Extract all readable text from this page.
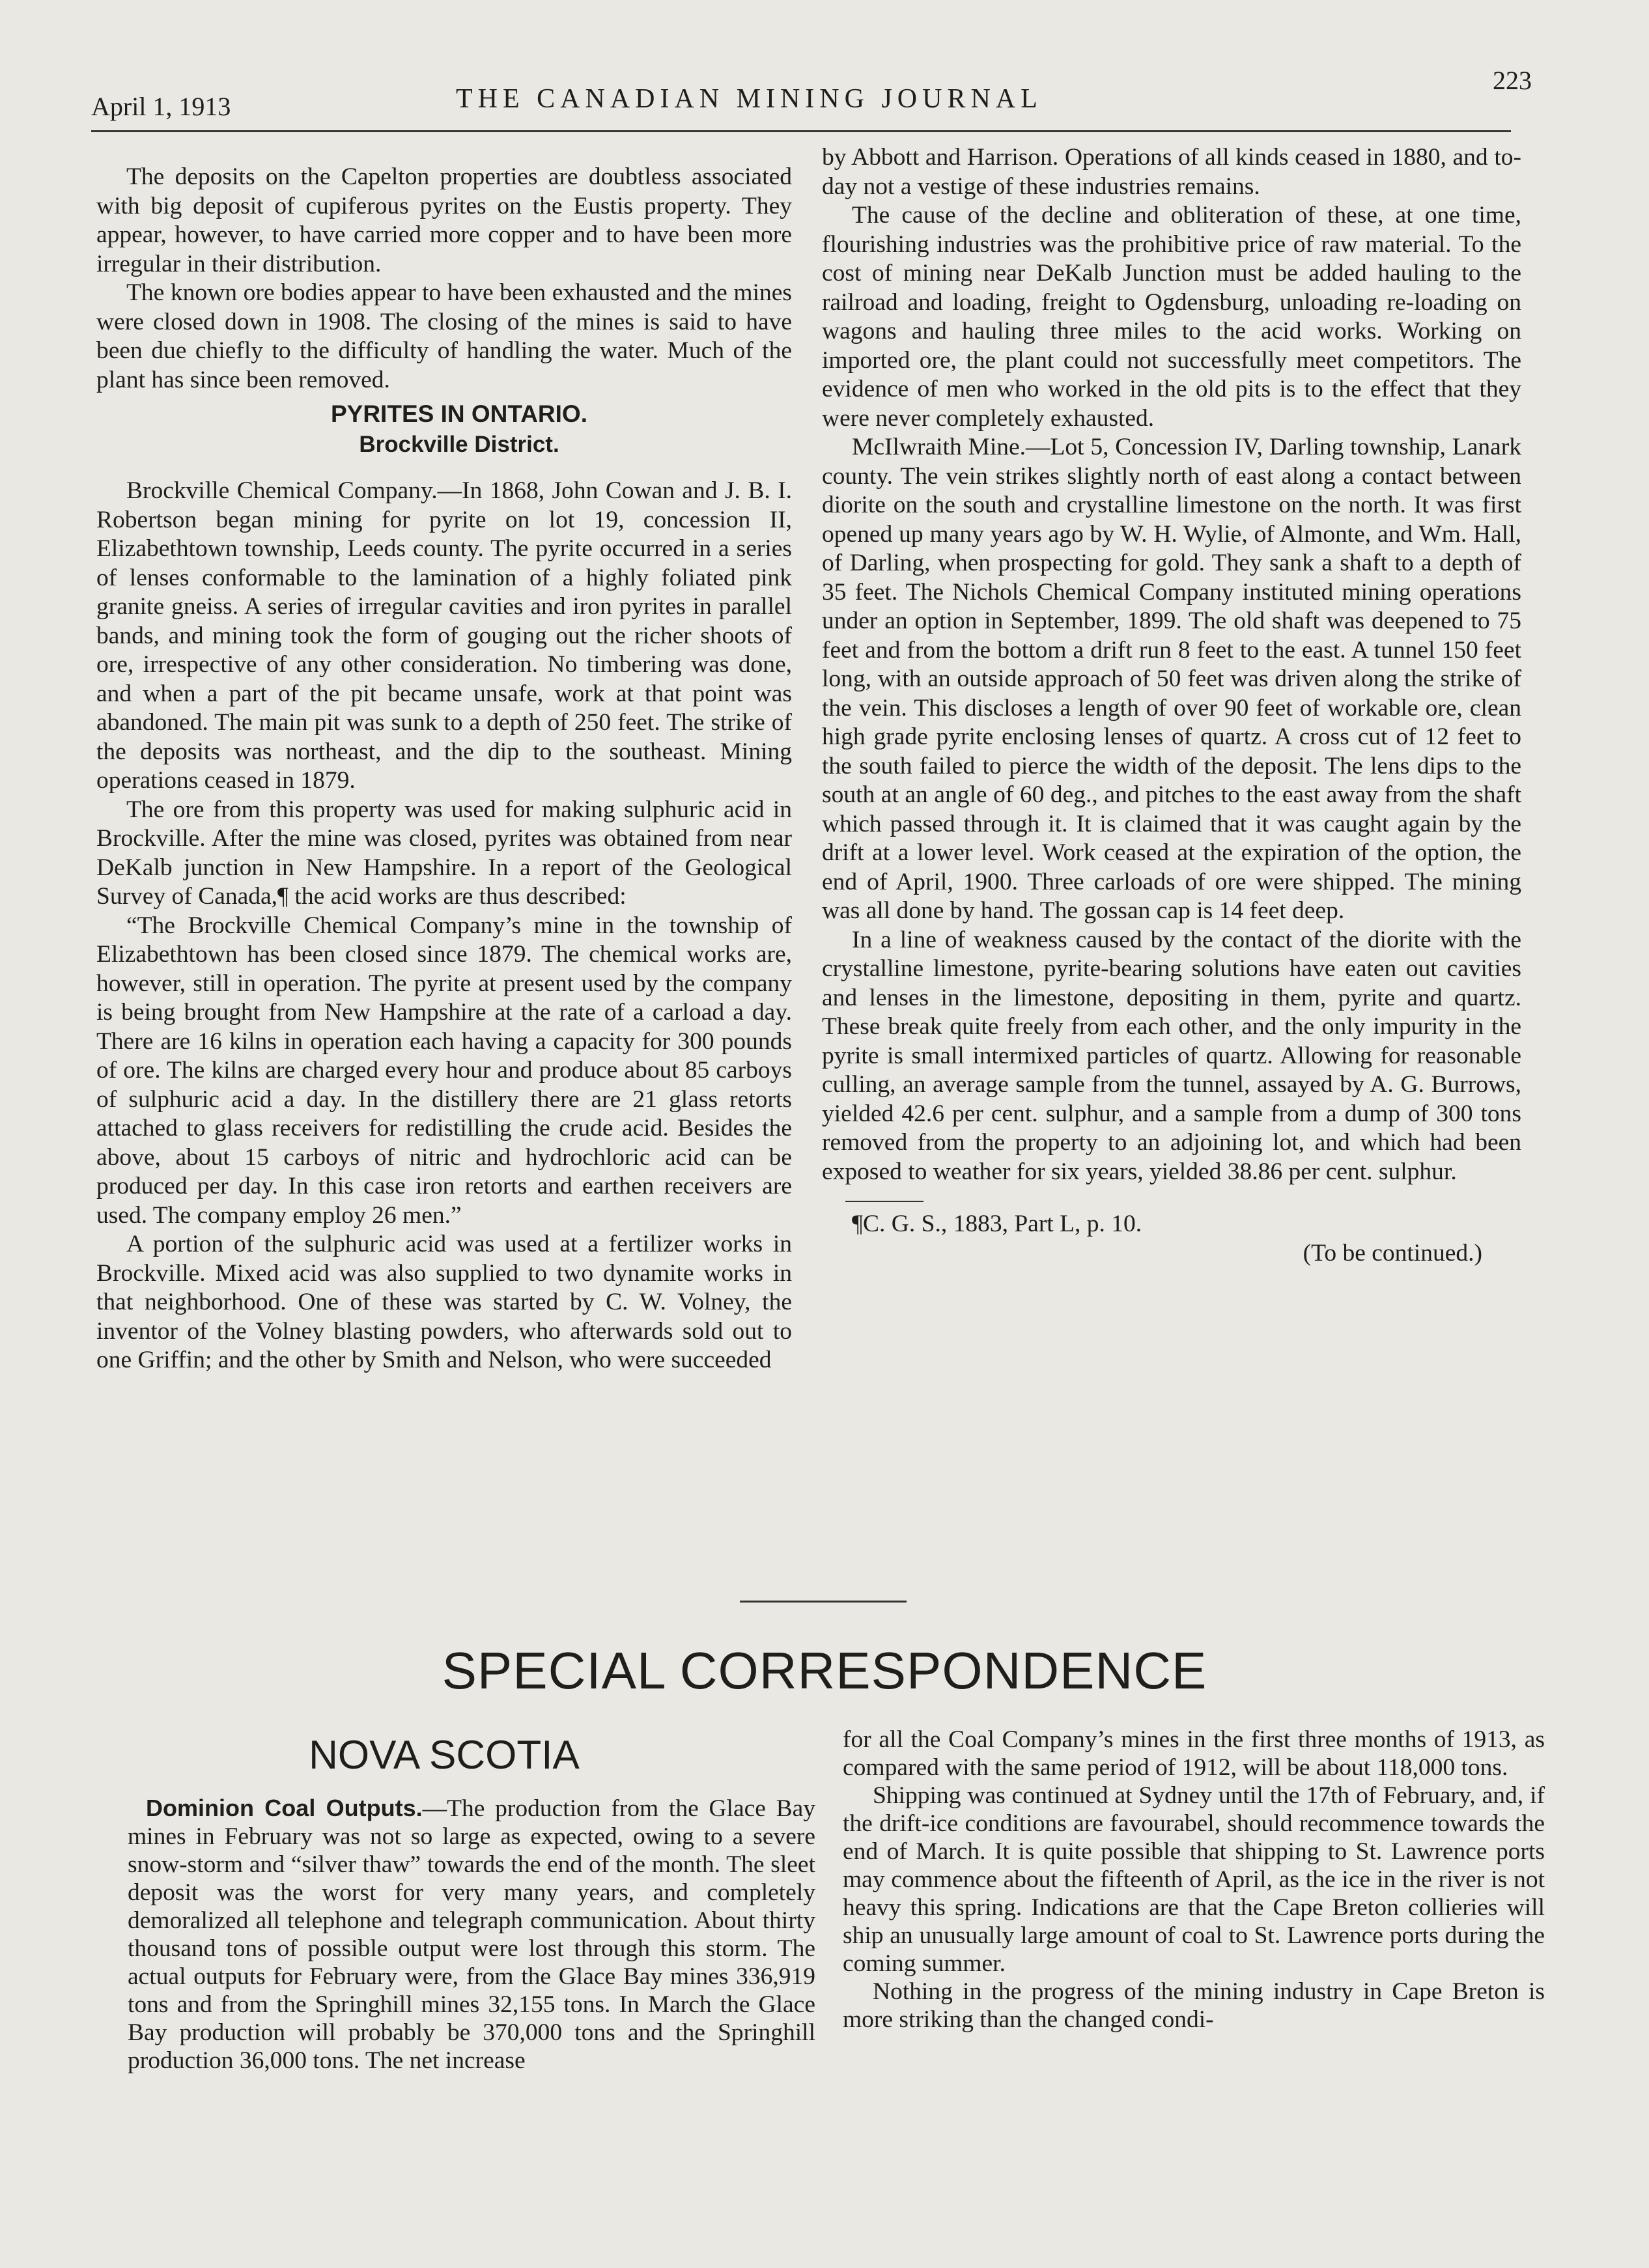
April 1, 1913	THE CANADIAN MINING JOURNAL
223

The deposits on the Capelton properties are doubtless associated with big deposit of cupiferous pyrites on the Eustis property. They appear, however, to have carried more copper and to have been more irregular in their distribution.

The known ore bodies appear to have been exhausted and the mines were closed down in 1908. The closing of the mines is said to have been due chiefly to the difficulty of handling the water. Much of the plant has since been removed.

PYRITES IN ONTARIO.

Brockville District.

Brockville Chemical Company.—In 1868, John Cowan and J. B. I. Robertson began mining for pyrite on lot 19, concession II, Elizabethtown township, Leeds county. The pyrite occurred in a series of lenses conformable to the lamination of a highly foliated pink granite gneiss. A series of irregular cavities and iron pyrites in parallel bands, and mining took the form of gouging out the richer shoots of ore, irrespective of any other consideration. No timbering was done, and when a part of the pit became unsafe, work at that point was abandoned. The main pit was sunk to a depth of 250 feet. The strike of the deposits was northeast, and the dip to the southeast. Mining operations ceased in 1879.

The ore from this property was used for making sulphuric acid in Brockville. After the mine was closed, pyrites was obtained from near DeKalb junction in New Hampshire. In a report of the Geological Survey of Canada,¶ the acid works are thus described:

“The Brockville Chemical Company’s mine in the township of Elizabethtown has been closed since 1879. The chemical works are, however, still in operation. The pyrite at present used by the company is being brought from New Hampshire at the rate of a carload a day. There are 16 kilns in operation each having a capacity for 300 pounds of ore. The kilns are charged every hour and produce about 85 carboys of sulphuric acid a day. In the distillery there are 21 glass retorts attached to glass receivers for redistilling the crude acid. Besides the above, about 15 carboys of nitric and hydrochloric acid can be produced per day. In this case iron retorts and earthen receivers are used. The company employ 26 men.”

A portion of the sulphuric acid was used at a fertilizer works in Brockville. Mixed acid was also supplied to two dynamite works in that neighborhood. One of these was started by C. W. Volney, the inventor of the Volney blasting powders, who afterwards sold out to one Griffin; and the other by Smith and Nelson, who were succeeded

by Abbott and Harrison. Operations of all kinds ceased in 1880, and to-day not a vestige of these industries remains.

The cause of the decline and obliteration of these, at one time, flourishing industries was the prohibitive price of raw material. To the cost of mining near DeKalb Junction must be added hauling to the railroad and loading, freight to Ogdensburg, unloading re-loading on wagons and hauling three miles to the acid works. Working on imported ore, the plant could not successfully meet competitors. The evidence of men who worked in the old pits is to the effect that they were never completely exhausted.

McIlwraith Mine.—Lot 5, Concession IV, Darling township, Lanark county. The vein strikes slightly north of east along a contact between diorite on the south and crystalline limestone on the north. It was first opened up many years ago by W. H. Wylie, of Almonte, and Wm. Hall, of Darling, when prospecting for gold. They sank a shaft to a depth of 35 feet. The Nichols Chemical Company instituted mining operations under an option in September, 1899. The old shaft was deepened to 75 feet and from the bottom a drift run 8 feet to the east. A tunnel 150 feet long, with an outside approach of 50 feet was driven along the strike of the vein. This discloses a length of over 90 feet of workable ore, clean high grade pyrite enclosing lenses of quartz. A cross cut of 12 feet to the south failed to pierce the width of the deposit. The lens dips to the south at an angle of 60 deg., and pitches to the east away from the shaft which passed through it. It is claimed that it was caught again by the drift at a lower level. Work ceased at the expiration of the option, the end of April, 1900. Three carloads of ore were shipped. The mining was all done by hand. The gossan cap is 14 feet deep.

In a line of weakness caused by the contact of the diorite with the crystalline limestone, pyrite-bearing solutions have eaten out cavities and lenses in the limestone, depositing in them, pyrite and quartz. These break quite freely from each other, and the only impurity in the pyrite is small intermixed particles of quartz. Allowing for reasonable culling, an average sample from the tunnel, assayed by A. G. Burrows, yielded 42.6 per cent. sulphur, and a sample from a dump of 300 tons removed from the property to an adjoining lot, and which had been exposed to weather for six years, yielded 38.86 per cent. sulphur.

¶C. G. S., 1883, Part L, p. 10.

(To be continued.)

SPECIAL CORRESPONDENCE
NOVA SCOTIA

Dominion Coal Outputs.—The production from the Glace Bay mines in February was not so large as expected, owing to a severe snow-storm and “silver thaw” towards the end of the month. The sleet deposit was the worst for very many years, and completely demoralized all telephone and telegraph communication. About thirty thousand tons of possible output were lost through this storm. The actual outputs for February were, from the Glace Bay mines 336,919 tons and from the Springhill mines 32,155 tons. In March the Glace Bay production will probably be 370,000 tons and the Springhill production 36,000 tons. The net increase

for all the Coal Company’s mines in the first three months of 1913, as compared with the same period of 1912, will be about 118,000 tons.

Shipping was continued at Sydney until the 17th of February, and, if the drift-ice conditions are favourabel, should recommence towards the end of March. It is quite possible that shipping to St. Lawrence ports may commence about the fifteenth of April, as the ice in the river is not heavy this spring. Indications are that the Cape Breton collieries will ship an unusually large amount of coal to St. Lawrence ports during the coming summer.

Nothing in the progress of the mining industry in Cape Breton is more striking than the changed condi-
